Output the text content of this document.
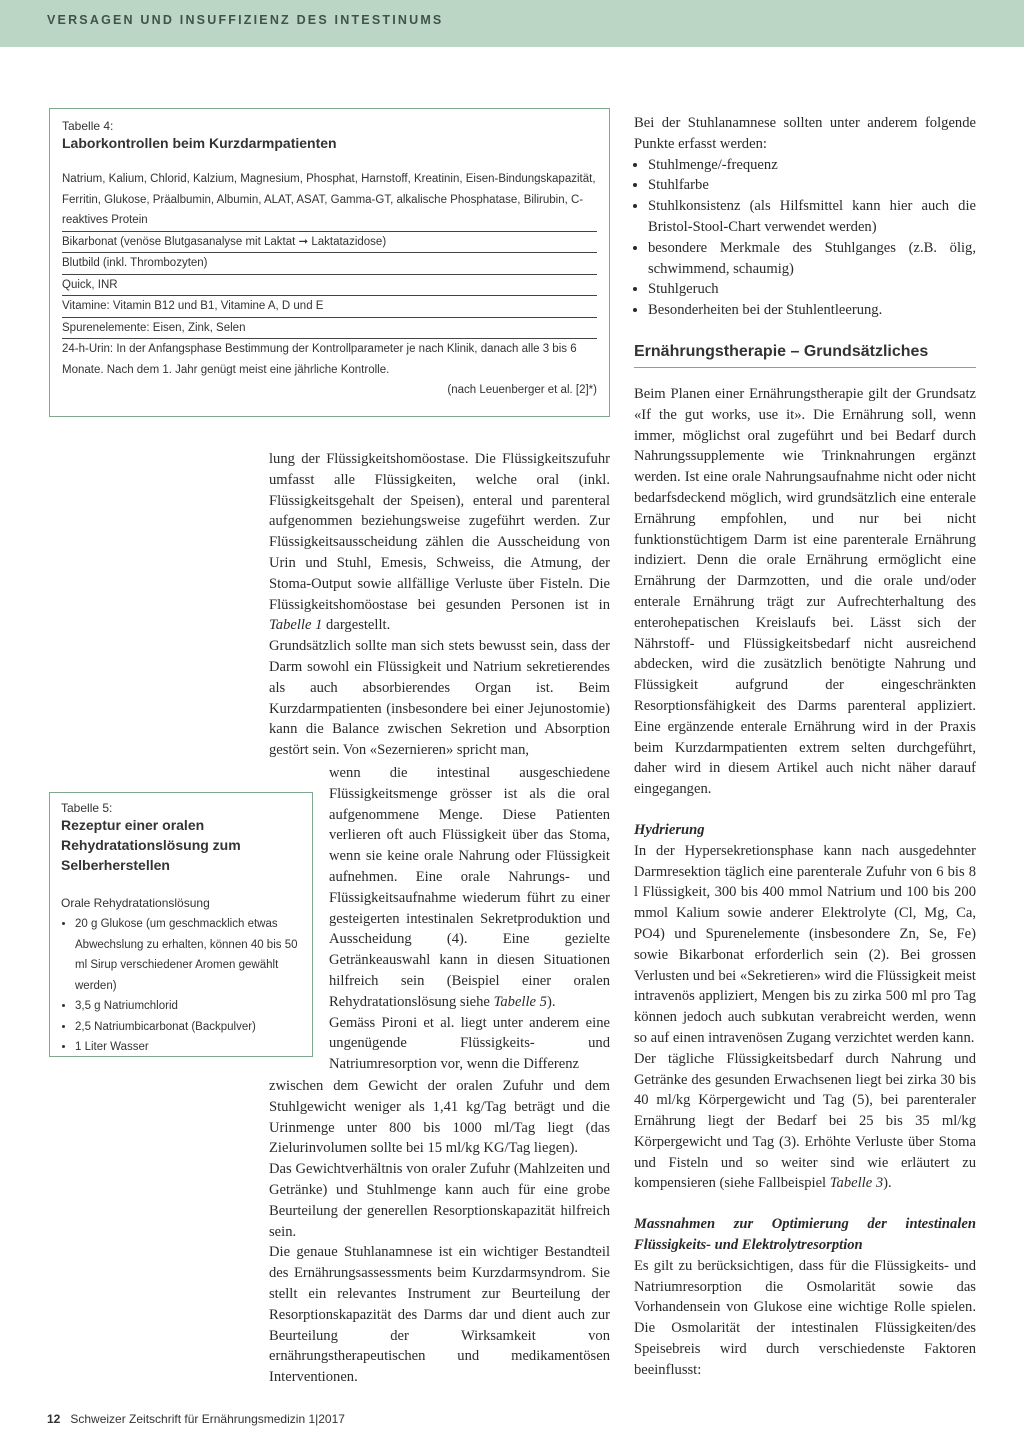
VERSAGEN UND INSUFFIZIENZ DES INTESTINUMS
Tabelle 4:
Laborkontrollen beim Kurzdarmpatienten
Natrium, Kalium, Chlorid, Kalzium, Magnesium, Phosphat, Harnstoff, Kreatinin, Eisen-Bindungskapazität, Ferritin, Glukose, Präalbumin, Albumin, ALAT, ASAT, Gamma-GT, alkalische Phosphatase, Bilirubin, C-reaktives Protein
Bikarbonat (venöse Blutgasanalyse mit Laktat ➞ Laktatazidose)
Blutbild (inkl. Thrombozyten)
Quick, INR
Vitamine: Vitamin B12 und B1, Vitamine A, D und E
Spurenelemente: Eisen, Zink, Selen
24-h-Urin: In der Anfangsphase Bestimmung der Kontrollparameter je nach Klinik, danach alle 3 bis 6 Monate. Nach dem 1. Jahr genügt meist eine jährliche Kontrolle.
(nach Leuenberger et al. [2]*)
Tabelle 5:
Rezeptur einer oralen Rehydratationslösung zum Selberherstellen
Orale Rehydratationslösung
• 20 g Glukose (um geschmacklich etwas Abwechslung zu erhalten, können 40 bis 50 ml Sirup verschiedener Aromen gewählt werden)
• 3,5 g Natriumchlorid
• 2,5 Natriumbicarbonat (Backpulver)
• 1 Liter Wasser

lung der Flüssigkeitshomöostase. Die Flüssigkeitszufuhr umfasst alle Flüssigkeiten, welche oral (inkl. Flüssigkeitsgehalt der Speisen), enteral und parenteral aufgenommen beziehungsweise zugeführt werden. Zur Flüssigkeitsausscheidung zählen die Ausscheidung von Urin und Stuhl, Emesis, Schweiss, die Atmung, der Stoma-Output sowie allfällige Verluste über Fisteln. Die Flüssigkeitshomöostase bei gesunden Personen ist in Tabelle 1 dargestellt.

Grundsätzlich sollte man sich stets bewusst sein, dass der Darm sowohl ein Flüssigkeit und Natrium sekretierendes als auch absorbierendes Organ ist. Beim Kurzdarmpatienten (insbesondere bei einer Jejunostomie) kann die Balance zwischen Sekretion und Absorption gestört sein. Von «Sezernieren» spricht man,

wenn die intestinal ausgeschiedene Flüssigkeitsmenge grösser ist als die oral aufgenommene Menge. Diese Patienten verlieren oft auch Flüssigkeit über das Stoma, wenn sie keine orale Nahrung oder Flüssigkeit aufnehmen. Eine orale Nahrungs- und Flüssigkeitsaufnahme wiederum führt zu einer gesteigerten intestinalen Sekretproduktion und Ausscheidung (4). Eine gezielte Getränkeauswahl kann in diesen Situationen hilfreich sein (Beispiel einer oralen Rehydratationslösung siehe Tabelle 5).

Gemäss Pironi et al. liegt unter anderem eine ungenügende Flüssigkeits- und Natriumresorption vor, wenn die Differenz

zwischen dem Gewicht der oralen Zufuhr und dem Stuhlgewicht weniger als 1,41 kg/Tag beträgt und die Urinmenge unter 800 bis 1000 ml/Tag liegt (das Zielurinvolumen sollte bei 15 ml/kg KG/Tag liegen).

Das Gewichtverhältnis von oraler Zufuhr (Mahlzeiten und Getränke) und Stuhlmenge kann auch für eine grobe Beurteilung der generellen Resorptionskapazität hilfreich sein.

Die genaue Stuhlanamnese ist ein wichtiger Bestandteil des Ernährungsassessments beim Kurzdarmsyndrom. Sie stellt ein relevantes Instrument zur Beurteilung der Resorptionskapazität des Darms dar und dient auch zur Beurteilung der Wirksamkeit von ernährungstherapeutischen und medikamentösen Interventionen.

Bei der Stuhlanamnese sollten unter anderem folgende Punkte erfasst werden:

• Stuhlmenge/-frequenz
• Stuhlfarbe
• Stuhlkonsistenz (als Hilfsmittel kann hier auch die Bristol-Stool-Chart verwendet werden)
• besondere Merkmale des Stuhlganges (z.B. ölig, schwimmend, schaumig)
• Stuhlgeruch
• Besonderheiten bei der Stuhlentleerung.
Ernährungstherapie – Grundsätzliches

Beim Planen einer Ernährungstherapie gilt der Grundsatz «If the gut works, use it». Die Ernährung soll, wenn immer, möglichst oral zugeführt und bei Bedarf durch Nahrungssupplemente wie Trinknahrungen ergänzt werden. Ist eine orale Nahrungsaufnahme nicht oder nicht bedarfsdeckend möglich, wird grundsätzlich eine enterale Ernährung empfohlen, und nur bei nicht funktionstüchtigem Darm ist eine parenterale Ernährung indiziert. Denn die orale Ernährung ermöglicht eine Ernährung der Darmzotten, und die orale und/oder enterale Ernährung trägt zur Aufrechterhaltung des enterohepatischen Kreislaufs bei. Lässt sich der Nährstoff- und Flüssigkeitsbedarf nicht ausreichend abdecken, wird die zusätzlich benötigte Nahrung und Flüssigkeit aufgrund der eingeschränkten Resorptionsfähigkeit des Darms parenteral appliziert. Eine ergänzende enterale Ernährung wird in der Praxis beim Kurzdarmpatienten extrem selten durchgeführt, daher wird in diesem Artikel auch nicht näher darauf eingegangen.

Hydrierung

In der Hypersekretionsphase kann nach ausgedehnter Darmresektion täglich eine parenterale Zufuhr von 6 bis 8 l Flüssigkeit, 300 bis 400 mmol Natrium und 100 bis 200 mmol Kalium sowie anderer Elektrolyte (Cl, Mg, Ca, PO4) und Spurenelemente (insbesondere Zn, Se, Fe) sowie Bikarbonat erforderlich sein (2). Bei grossen Verlusten und bei «Sekretieren» wird die Flüssigkeit meist intravenös appliziert, Mengen bis zu zirka 500 ml pro Tag können jedoch auch subkutan verabreicht werden, wenn so auf einen intravenösen Zugang verzichtet werden kann.

Der tägliche Flüssigkeitsbedarf durch Nahrung und Getränke des gesunden Erwachsenen liegt bei zirka 30 bis 40 ml/kg Körpergewicht und Tag (5), bei parenteraler Ernährung liegt der Bedarf bei 25 bis 35 ml/kg Körpergewicht und Tag (3). Erhöhte Verluste über Stoma und Fisteln und so weiter sind wie erläutert zu kompensieren (siehe Fallbeispiel Tabelle 3).

Massnahmen zur Optimierung der intestinalen Flüssigkeits- und Elektrolytresorption

Es gilt zu berücksichtigen, dass für die Flüssigkeits- und Natriumresorption die Osmolarität sowie das Vorhandensein von Glukose eine wichtige Rolle spielen. Die Osmolarität der intestinalen Flüssigkeiten/des Speisebreis wird durch verschiedenste Faktoren beeinflusst:

12 Schweizer Zeitschrift für Ernährungsmedizin 1|2017
